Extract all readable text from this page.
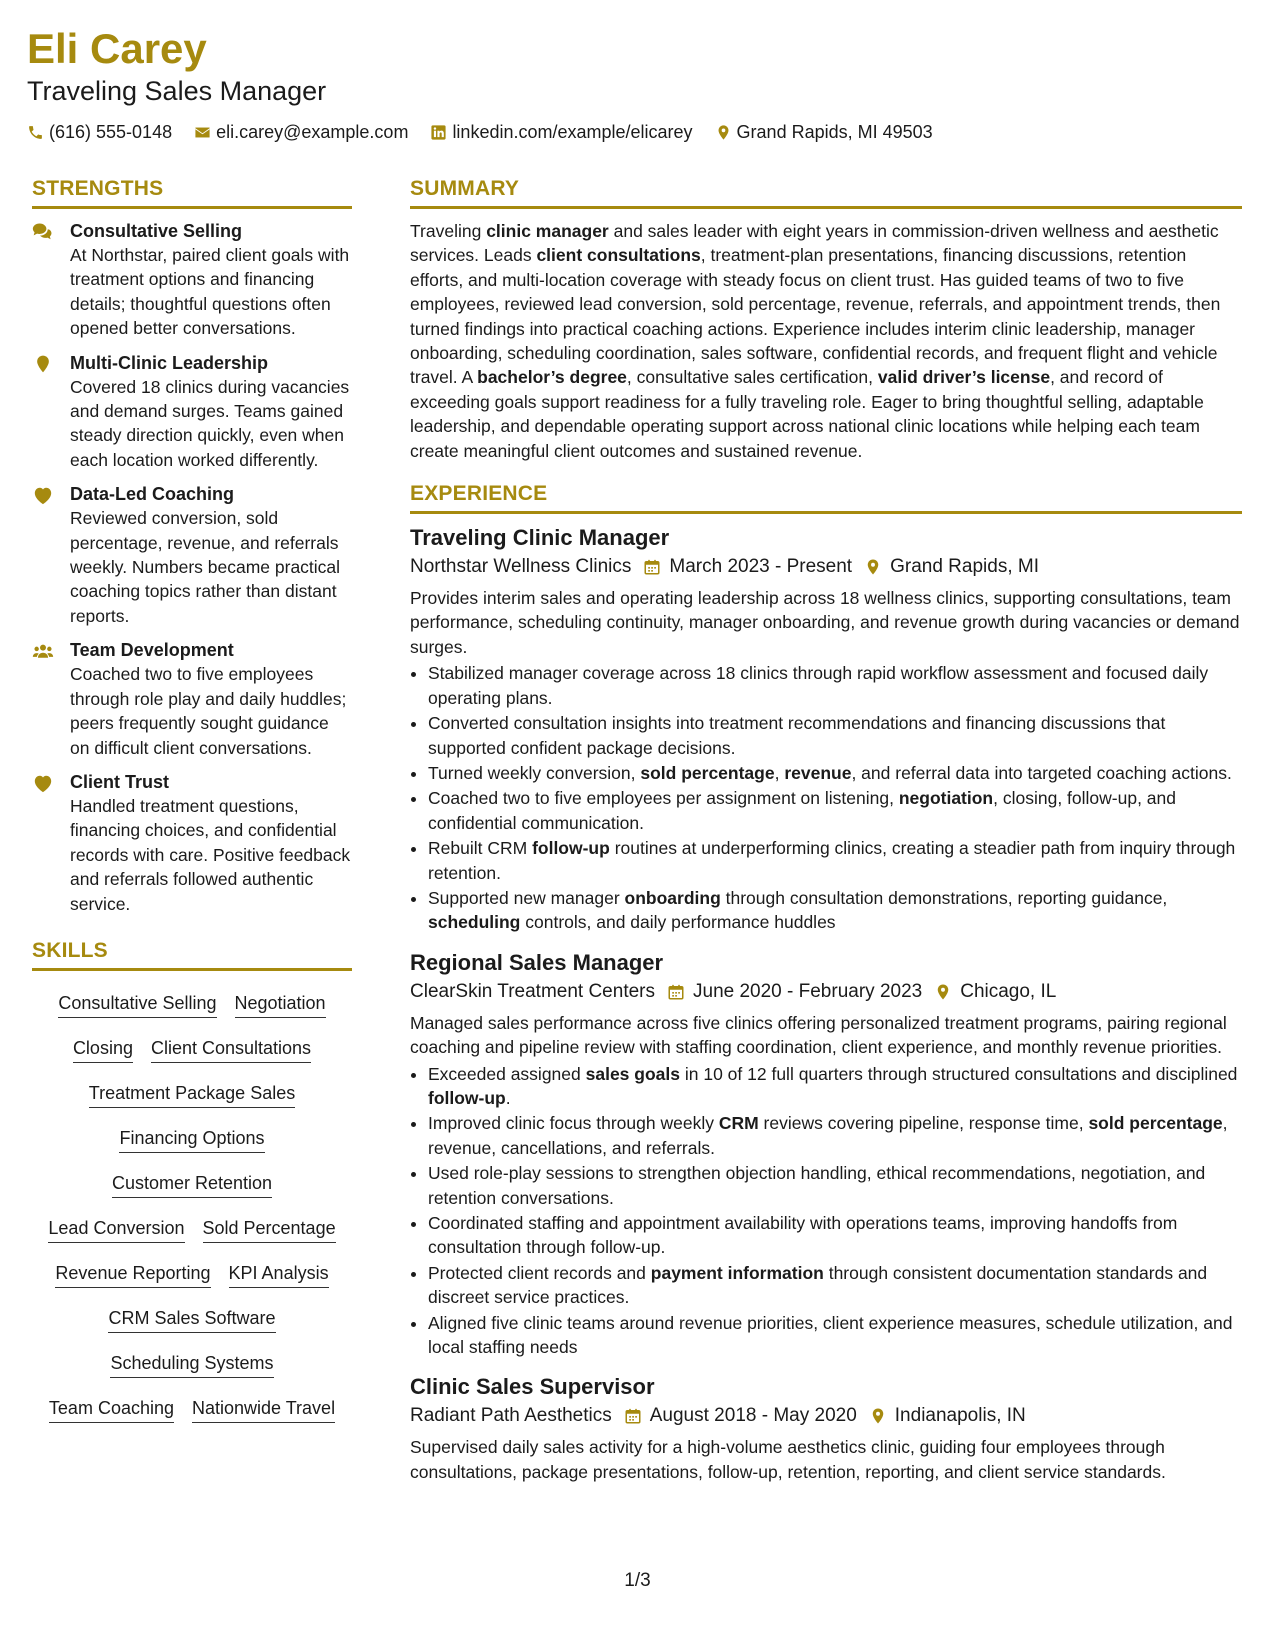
Eli Carey
Traveling Sales Manager
(616) 555-0148 eli.carey@example.com linkedin.com/example/elicarey Grand Rapids, MI 49503
STRENGTHS
Consultative Selling
At Northstar, paired client goals with treatment options and financing details; thoughtful questions often opened better conversations.
Multi-Clinic Leadership
Covered 18 clinics during vacancies and demand surges. Teams gained steady direction quickly, even when each location worked differently.
Data-Led Coaching
Reviewed conversion, sold percentage, revenue, and referrals weekly. Numbers became practical coaching topics rather than distant reports.
Team Development
Coached two to five employees through role play and daily huddles; peers frequently sought guidance on difficult client conversations.
Client Trust
Handled treatment questions, financing choices, and confidential records with care. Positive feedback and referrals followed authentic service.
SKILLS
Consultative Selling Negotiation
Closing Client Consultations
Treatment Package Sales
Financing Options
Customer Retention
Lead Conversion Sold Percentage
Revenue Reporting KPI Analysis
CRM Sales Software
Scheduling Systems
Team Coaching Nationwide Travel
SUMMARY
Traveling clinic manager and sales leader with eight years in commission-driven wellness and aesthetic services. Leads client consultations, treatment-plan presentations, financing discussions, retention efforts, and multi-location coverage with steady focus on client trust. Has guided teams of two to five employees, reviewed lead conversion, sold percentage, revenue, referrals, and appointment trends, then turned findings into practical coaching actions. Experience includes interim clinic leadership, manager onboarding, scheduling coordination, sales software, confidential records, and frequent flight and vehicle travel. A bachelor’s degree, consultative sales certification, valid driver’s license, and record of exceeding goals support readiness for a fully traveling role. Eager to bring thoughtful selling, adaptable leadership, and dependable operating support across national clinic locations while helping each team create meaningful client outcomes and sustained revenue.
EXPERIENCE
Traveling Clinic Manager
Northstar Wellness Clinics March 2023 - Present Grand Rapids, MI
Provides interim sales and operating leadership across 18 wellness clinics, supporting consultations, team performance, scheduling continuity, manager onboarding, and revenue growth during vacancies or demand surges.
• Stabilized manager coverage across 18 clinics through rapid workflow assessment and focused daily operating plans.
• Converted consultation insights into treatment recommendations and financing discussions that supported confident package decisions.
• Turned weekly conversion, sold percentage, revenue, and referral data into targeted coaching actions.
• Coached two to five employees per assignment on listening, negotiation, closing, follow-up, and confidential communication.
• Rebuilt CRM follow-up routines at underperforming clinics, creating a steadier path from inquiry through retention.
• Supported new manager onboarding through consultation demonstrations, reporting guidance, scheduling controls, and daily performance huddles
Regional Sales Manager
ClearSkin Treatment Centers June 2020 - February 2023 Chicago, IL
Managed sales performance across five clinics offering personalized treatment programs, pairing regional coaching and pipeline review with staffing coordination, client experience, and monthly revenue priorities.
• Exceeded assigned sales goals in 10 of 12 full quarters through structured consultations and disciplined follow-up.
• Improved clinic focus through weekly CRM reviews covering pipeline, response time, sold percentage, revenue, cancellations, and referrals.
• Used role-play sessions to strengthen objection handling, ethical recommendations, negotiation, and retention conversations.
• Coordinated staffing and appointment availability with operations teams, improving handoffs from consultation through follow-up.
• Protected client records and payment information through consistent documentation standards and discreet service practices.
• Aligned five clinic teams around revenue priorities, client experience measures, schedule utilization, and local staffing needs
Clinic Sales Supervisor
Radiant Path Aesthetics August 2018 - May 2020 Indianapolis, IN
Supervised daily sales activity for a high-volume aesthetics clinic, guiding four employees through consultations, package presentations, follow-up, retention, reporting, and client service standards.
1/3
